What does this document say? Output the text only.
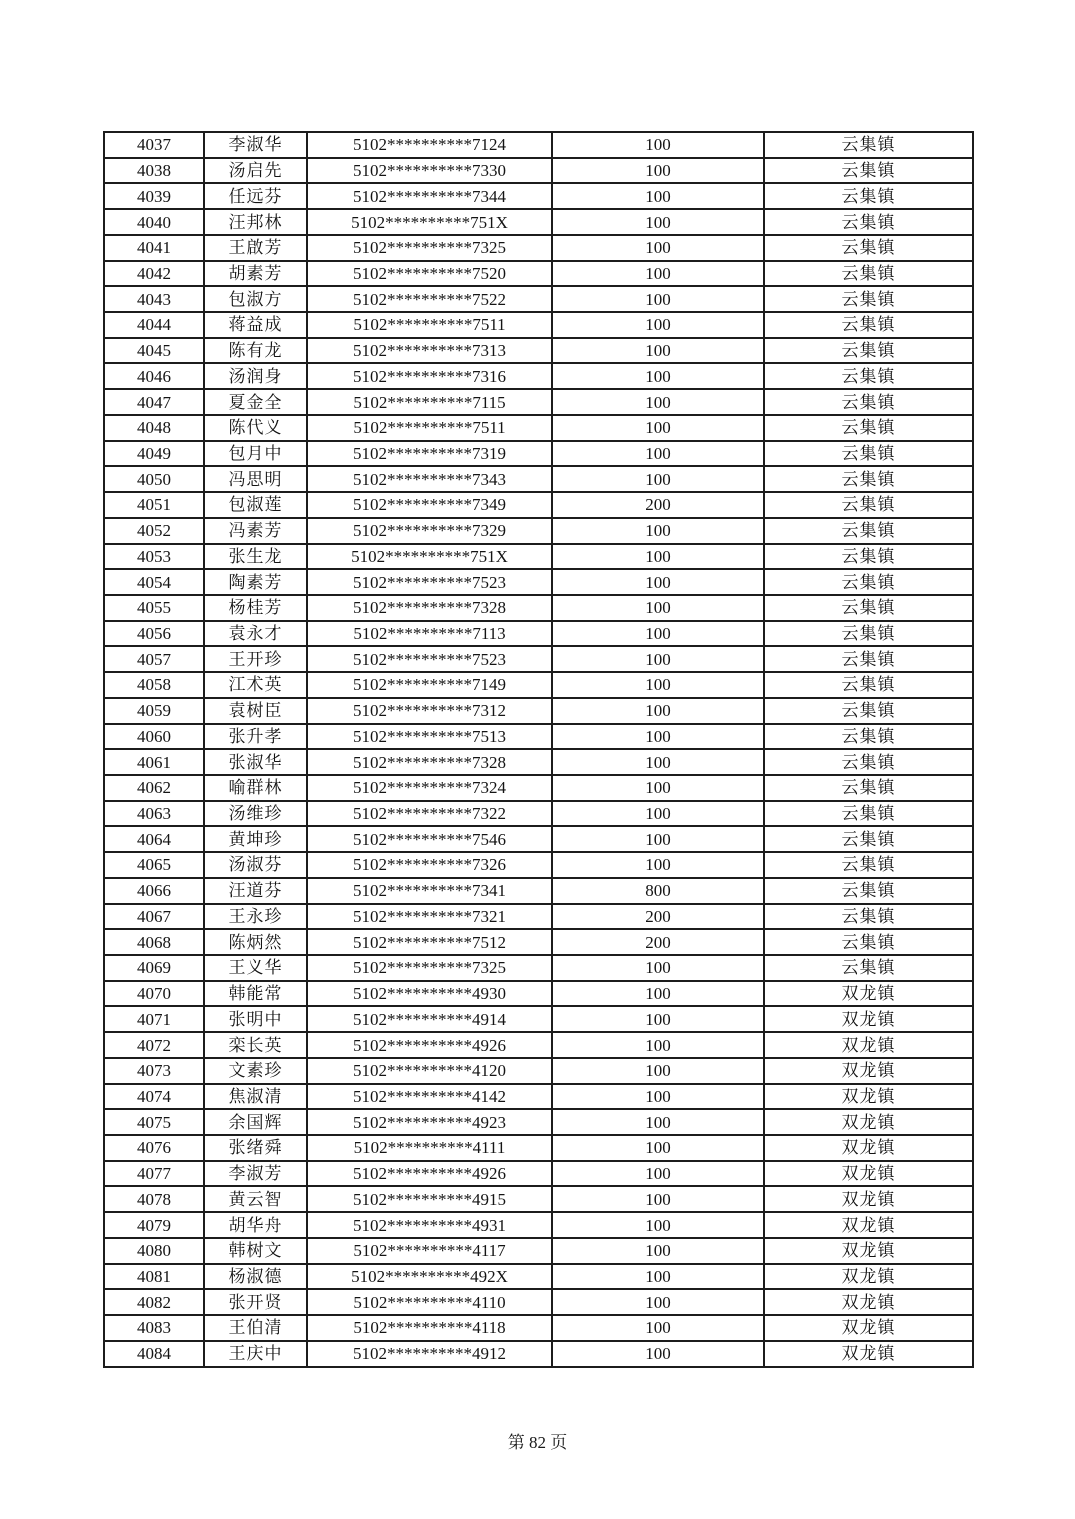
4037	李淑华	5102**********7124	100	云集镇
4038	汤启先	5102**********7330	100	云集镇
4039	任远芬	5102**********7344	100	云集镇
4040	汪邦林	5102**********751X	100	云集镇
4041	王啟芳	5102**********7325	100	云集镇
4042	胡素芳	5102**********7520	100	云集镇
4043	包淑方	5102**********7522	100	云集镇
4044	蒋益成	5102**********7511	100	云集镇
4045	陈有龙	5102**********7313	100	云集镇
4046	汤润身	5102**********7316	100	云集镇
4047	夏金全	5102**********7115	100	云集镇
4048	陈代义	5102**********7511	100	云集镇
4049	包月中	5102**********7319	100	云集镇
4050	冯思明	5102**********7343	100	云集镇
4051	包淑莲	5102**********7349	200	云集镇
4052	冯素芳	5102**********7329	100	云集镇
4053	张生龙	5102**********751X	100	云集镇
4054	陶素芳	5102**********7523	100	云集镇
4055	杨桂芳	5102**********7328	100	云集镇
4056	袁永才	5102**********7113	100	云集镇
4057	王开珍	5102**********7523	100	云集镇
4058	江术英	5102**********7149	100	云集镇
4059	袁树臣	5102**********7312	100	云集镇
4060	张升孝	5102**********7513	100	云集镇
4061	张淑华	5102**********7328	100	云集镇
4062	喻群林	5102**********7324	100	云集镇
4063	汤维珍	5102**********7322	100	云集镇
4064	黄坤珍	5102**********7546	100	云集镇
4065	汤淑芬	5102**********7326	100	云集镇
4066	汪道芬	5102**********7341	800	云集镇
4067	王永珍	5102**********7321	200	云集镇
4068	陈炳然	5102**********7512	200	云集镇
4069	王义华	5102**********7325	100	云集镇
4070	韩能常	5102**********4930	100	双龙镇
4071	张明中	5102**********4914	100	双龙镇
4072	栾长英	5102**********4926	100	双龙镇
4073	文素珍	5102**********4120	100	双龙镇
4074	焦淑清	5102**********4142	100	双龙镇
4075	余国辉	5102**********4923	100	双龙镇
4076	张绪舜	5102**********4111	100	双龙镇
4077	李淑芳	5102**********4926	100	双龙镇
4078	黄云智	5102**********4915	100	双龙镇
4079	胡华舟	5102**********4931	100	双龙镇
4080	韩树文	5102**********4117	100	双龙镇
4081	杨淑德	5102**********492X	100	双龙镇
4082	张开贤	5102**********4110	100	双龙镇
4083	王伯清	5102**********4118	100	双龙镇
4084	王庆中	5102**********4912	100	双龙镇
第 82 页
